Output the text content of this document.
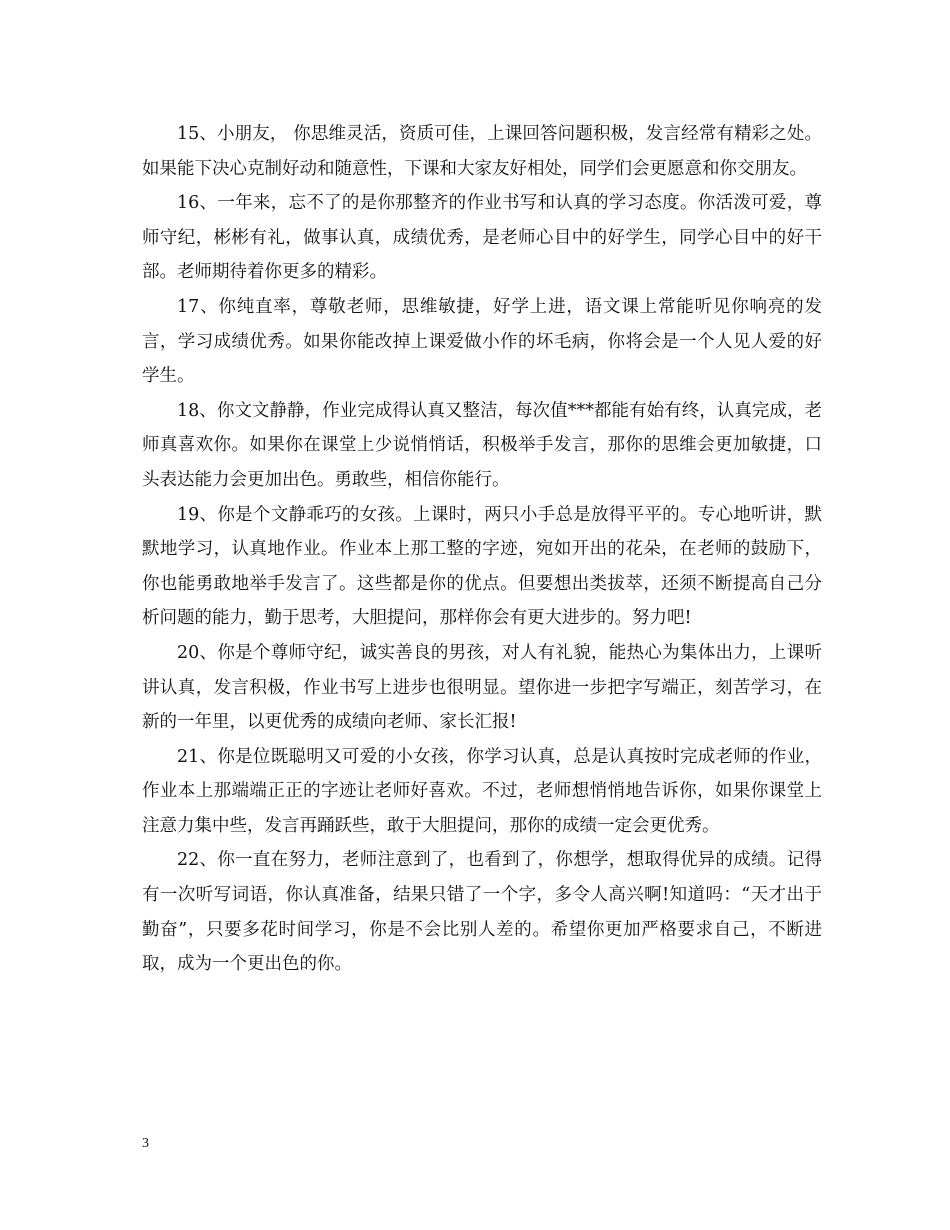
15、小朋友， 你思维灵活，资质可佳，上课回答问题积极，发言经常有精彩之处。如果能下决心克制好动和随意性，下课和大家友好相处，同学们会更愿意和你交朋友。

16、一年来，忘不了的是你那整齐的作业书写和认真的学习态度。你活泼可爱，尊师守纪，彬彬有礼，做事认真，成绩优秀，是老师心目中的好学生，同学心目中的好干部。老师期待着你更多的精彩。

17、你纯直率，尊敬老师，思维敏捷，好学上进，语文课上常能听见你响亮的发言，学习成绩优秀。如果你能改掉上课爱做小作的坏毛病，你将会是一个人见人爱的好学生。

18、你文文静静，作业完成得认真又整洁，每次值***都能有始有终，认真完成，老师真喜欢你。如果你在课堂上少说悄悄话，积极举手发言，那你的思维会更加敏捷，口头表达能力会更加出色。勇敢些，相信你能行。

19、你是个文静乖巧的女孩。上课时，两只小手总是放得平平的。专心地听讲，默默地学习，认真地作业。作业本上那工整的字迹，宛如开出的花朵，在老师的鼓励下，你也能勇敢地举手发言了。这些都是你的优点。但要想出类拔萃，还须不断提高自己分析问题的能力，勤于思考，大胆提问，那样你会有更大进步的。努力吧!

20、你是个尊师守纪，诚实善良的男孩，对人有礼貌，能热心为集体出力，上课听讲认真，发言积极，作业书写上进步也很明显。望你进一步把字写端正，刻苦学习，在新的一年里，以更优秀的成绩向老师、家长汇报!

21、你是位既聪明又可爱的小女孩，你学习认真，总是认真按时完成老师的作业，作业本上那端端正正的字迹让老师好喜欢。不过，老师想悄悄地告诉你，如果你课堂上注意力集中些，发言再踊跃些，敢于大胆提问，那你的成绩一定会更优秀。

22、你一直在努力，老师注意到了，也看到了，你想学，想取得优异的成绩。记得有一次听写词语，你认真准备，结果只错了一个字，多令人高兴啊!知道吗：“天才出于勤奋”，只要多花时间学习，你是不会比别人差的。希望你更加严格要求自己，不断进取，成为一个更出色的你。

3
